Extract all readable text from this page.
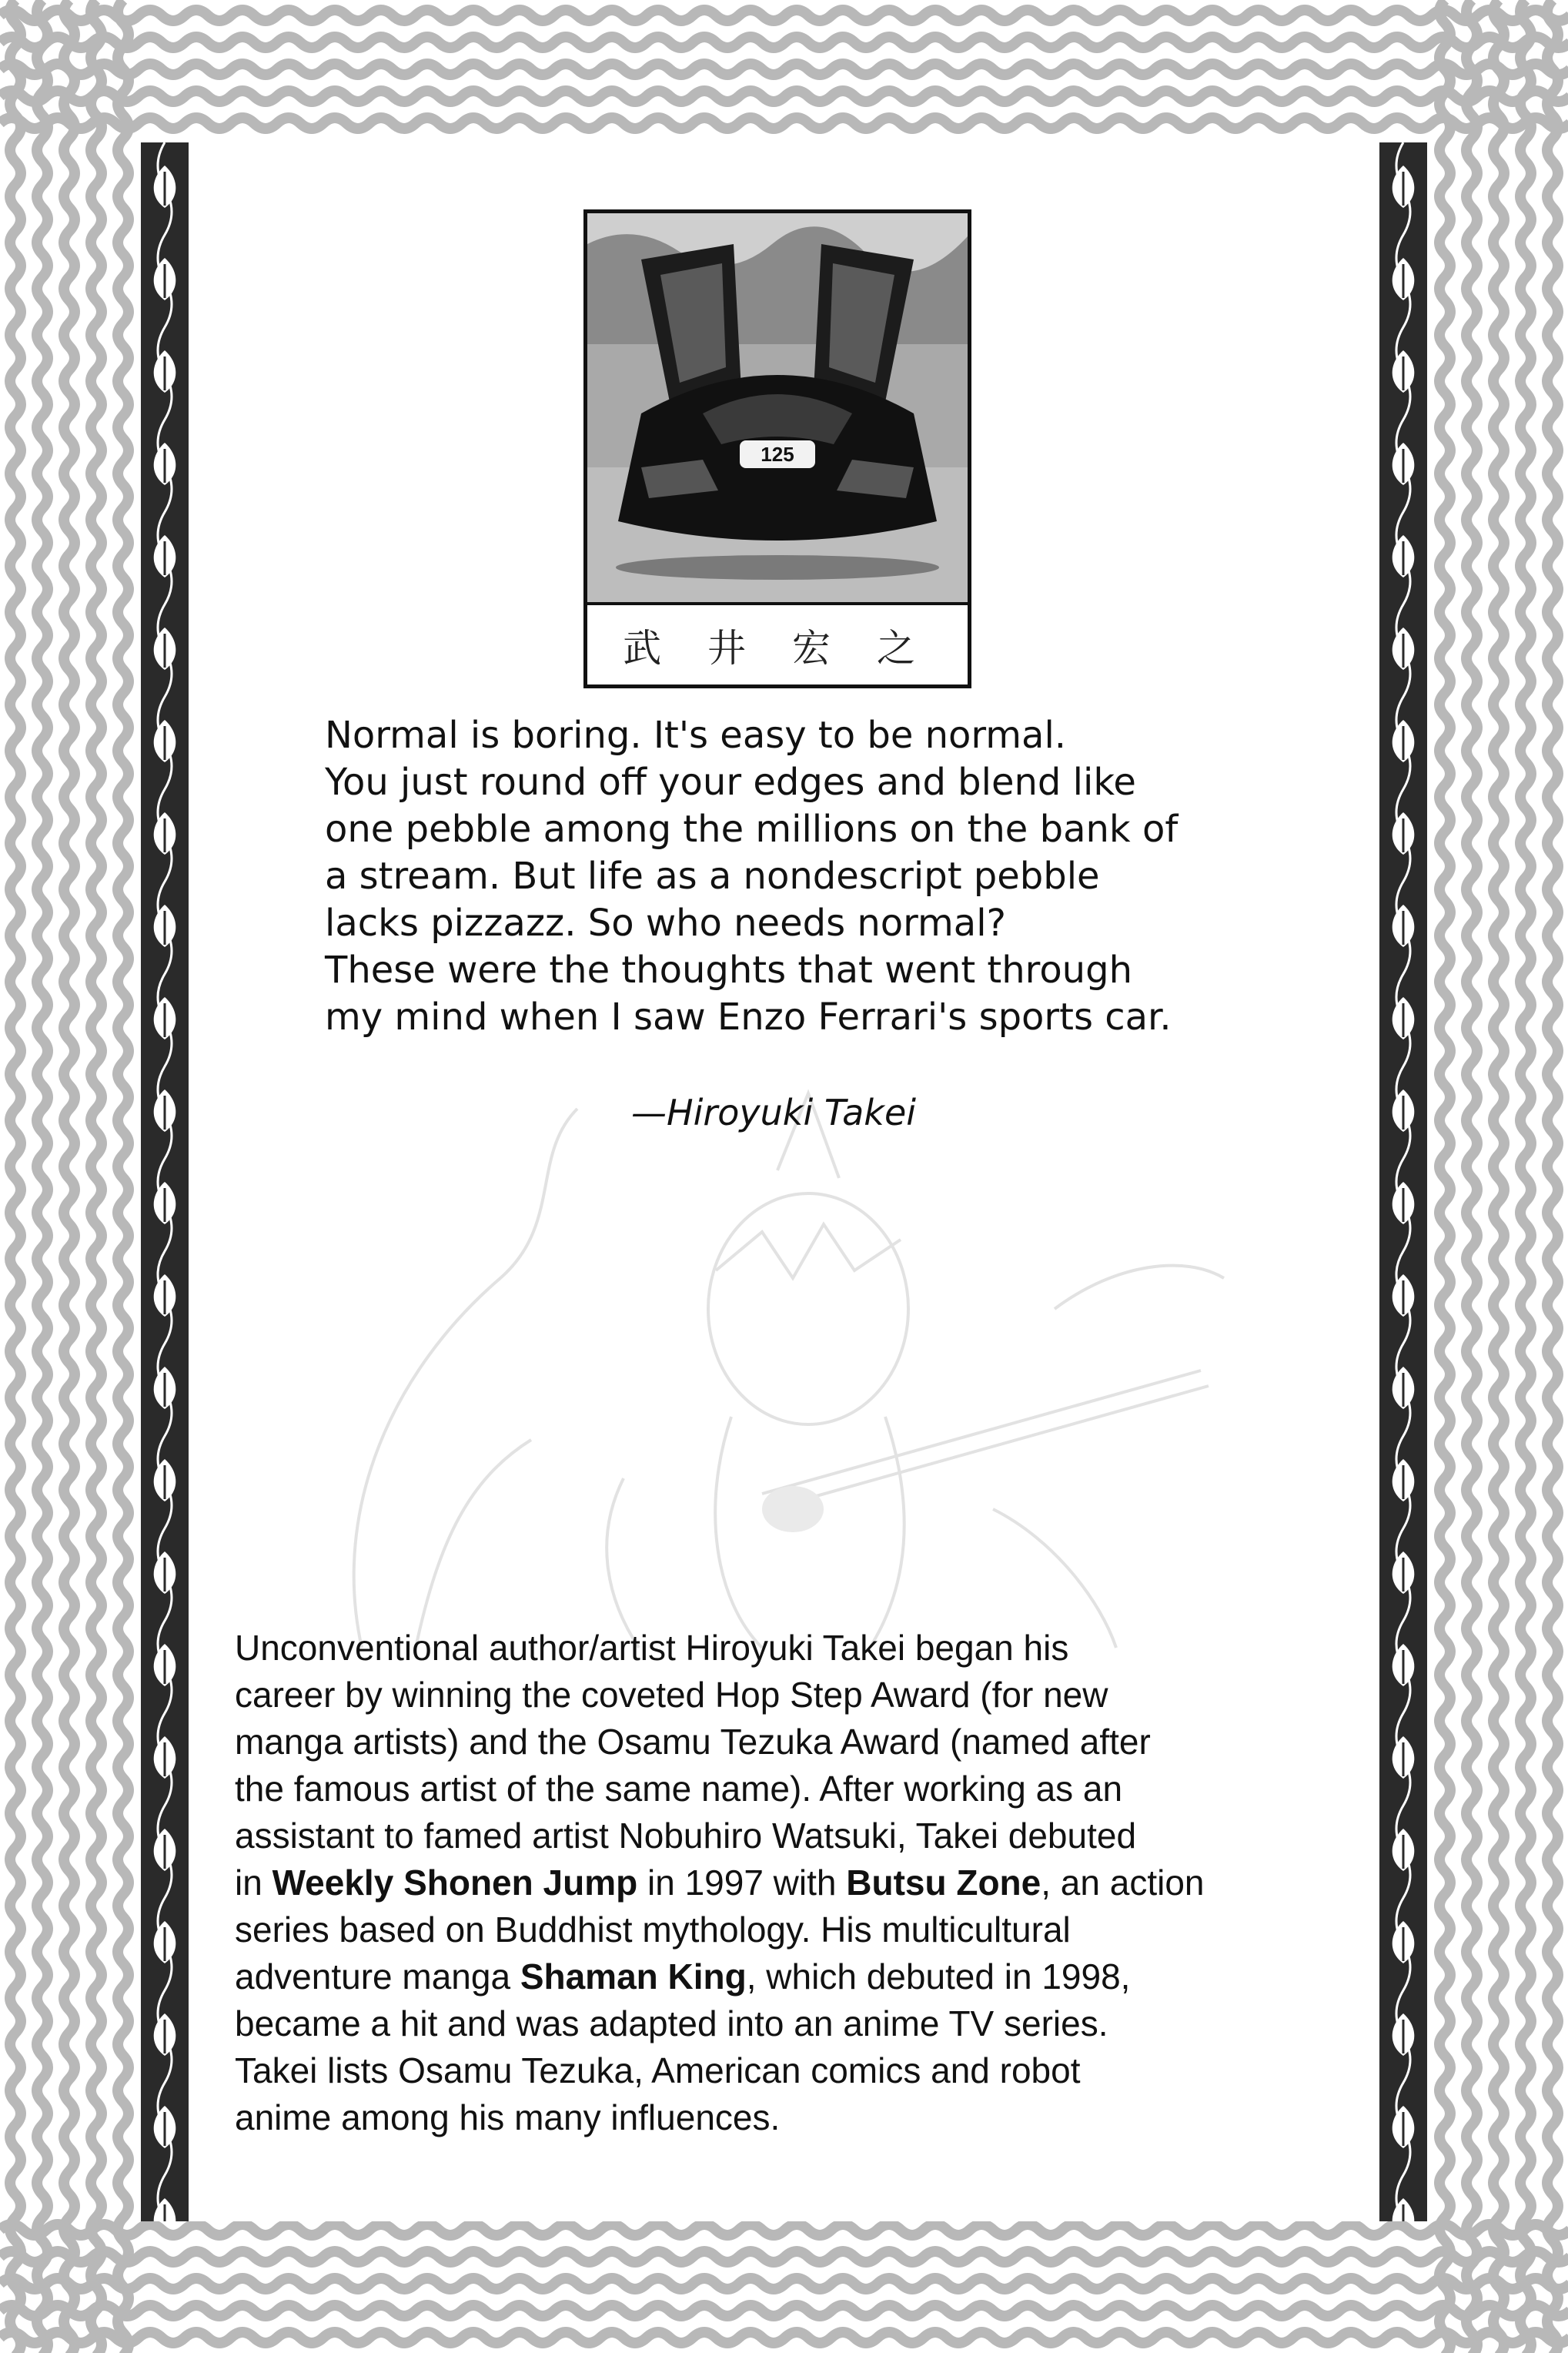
125
武 井 宏 之
Normal is boring. It's easy to be normal.
You just round off your edges and blend like
one pebble among the millions on the bank of
a stream. But life as a nondescript pebble
lacks pizzazz. So who needs normal?
These were the thoughts that went through
my mind when I saw Enzo Ferrari's sports car.
—Hiroyuki Takei
Unconventional author/artist Hiroyuki Takei began his
career by winning the coveted Hop Step Award (for new
manga artists) and the Osamu Tezuka Award (named after
the famous artist of the same name). After working as an
assistant to famed artist Nobuhiro Watsuki, Takei debuted
in Weekly Shonen Jump in 1997 with Butsu Zone, an action
series based on Buddhist mythology. His multicultural
adventure manga Shaman King, which debuted in 1998,
became a hit and was adapted into an anime TV series.
Takei lists Osamu Tezuka, American comics and robot
anime among his many influences.
